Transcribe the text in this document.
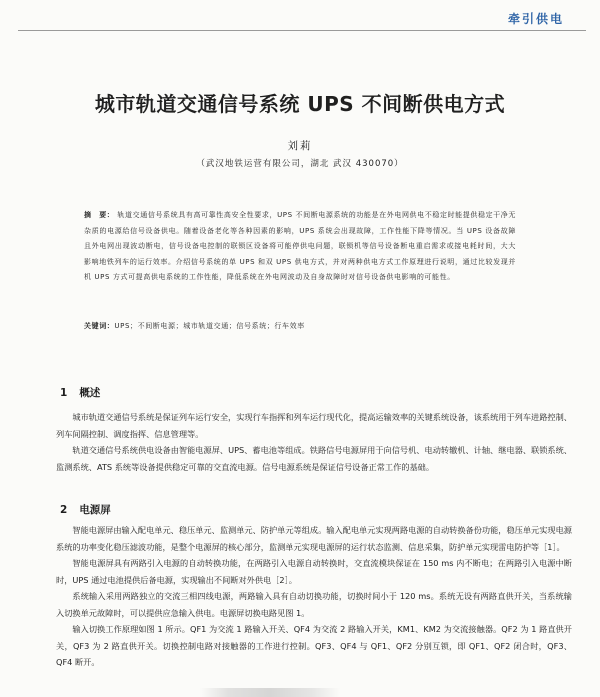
牵引供电
城市轨道交通信号系统 UPS 不间断供电方式
刘莉
（武汉地铁运营有限公司，湖北 武汉 430070）
摘　要： 轨道交通信号系统具有高可靠性高安全性要求，UPS 不间断电源系统的功能是在外电网供电不稳定时能提供稳定干净无杂质的电源给信号设备供电。随着设备老化等各种因素的影响，UPS 系统会出现故障，工作性能下降等情况。当 UPS 设备故障且外电网出现波动断电，信号设备电控制的联锁区设备将可能停供电问题，联锁机等信号设备断电重启需求或接电耗时间，大大影响地铁列车的运行效率。介绍信号系统的单 UPS 和双 UPS 供电方式，并对两种供电方式工作原理进行说明，通过比较发现并机 UPS 方式可提高供电系统的工作性能，降低系统在外电网波动及自身故障时对信号设备供电影响的可能性。
关键词：UPS；不间断电源；城市轨道交通；信号系统；行车效率
1 概述

城市轨道交通信号系统是保证列车运行安全，实现行车指挥和列车运行现代化，提高运输效率的关键系统设备，该系统用于列车进路控制、列车间隔控制、调度指挥、信息管理等。

轨道交通信号系统供电设备由智能电源屏、UPS、蓄电池等组成。铁路信号电源屏用于向信号机、电动转辙机、计轴、继电器、联锁系统、监测系统、ATS 系统等设备提供稳定可靠的交直流电源。信号电源系统是保证信号设备正常工作的基础。

2 电源屏

智能电源屏由输入配电单元、稳压单元、监测单元、防护单元等组成。输入配电单元实现两路电源的自动转换备份功能，稳压单元实现电源系统的功率变化稳压滤波功能，是整个电源屏的核心部分，监测单元实现电源屏的运行状态监测、信息采集，防护单元实现雷电防护等［1］。

智能电源屏具有两路引入电源的自动转换功能，在两路引入电源自动转换时，交直流模块保证在 150 ms 内不断电；在两路引入电源中断时，UPS 通过电池提供后备电源，实现输出不间断对外供电［2］。

系统输入采用两路独立的交流三相四线电源，两路输入具有自动切换功能，切换时间小于 120 ms。系统无设有两路直供开关，当系统输入切换单元故障时，可以提供应急输入供电。电源屏切换电路见图 1。

输入切换工作原理如图 1 所示。QF1 为交流 1 路输入开关、QF4 为交流 2 路输入开关，KM1、KM2 为交流接触器。QF2 为 1 路直供开关，QF3 为 2 路直供开关。切换控制电路对接触器的工作进行控制。QF3、QF4 与 QF1、QF2 分别互锁，即 QF1、QF2 闭合时，QF3、QF4 断开。
